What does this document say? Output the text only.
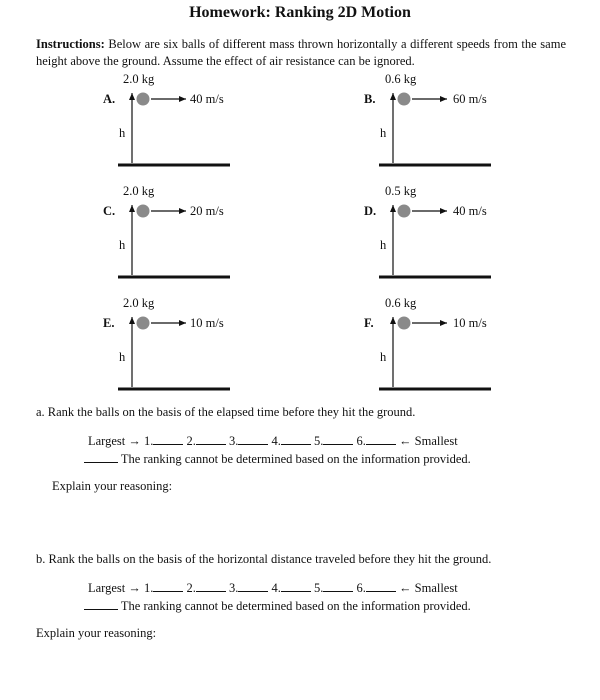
Homework: Ranking 2D Motion
Instructions: Below are six balls of different mass thrown horizontally a different speeds from the same height above the ground. Assume the effect of air resistance can be ignored.
2.0 kg
A.	40 m/s
h
0.6 kg
B.	60 m/s
h
2.0 kg
C.	20 m/s
h
0.5 kg
D.	40 m/s
h
2.0 kg
E.	10 m/s
h
0.6 kg
F.	10 m/s
h
a. Rank the balls on the basis of the elapsed time before they hit the ground.
Largest → 1.	2.	3.	4.	5.	6.	← Smallest
The ranking cannot be determined based on the information provided.
Explain your reasoning:
b. Rank the balls on the basis of the horizontal distance traveled before they hit the ground.
Largest → 1.	2.	3.	4.	5.	6.	← Smallest
The ranking cannot be determined based on the information provided.
Explain your reasoning:
